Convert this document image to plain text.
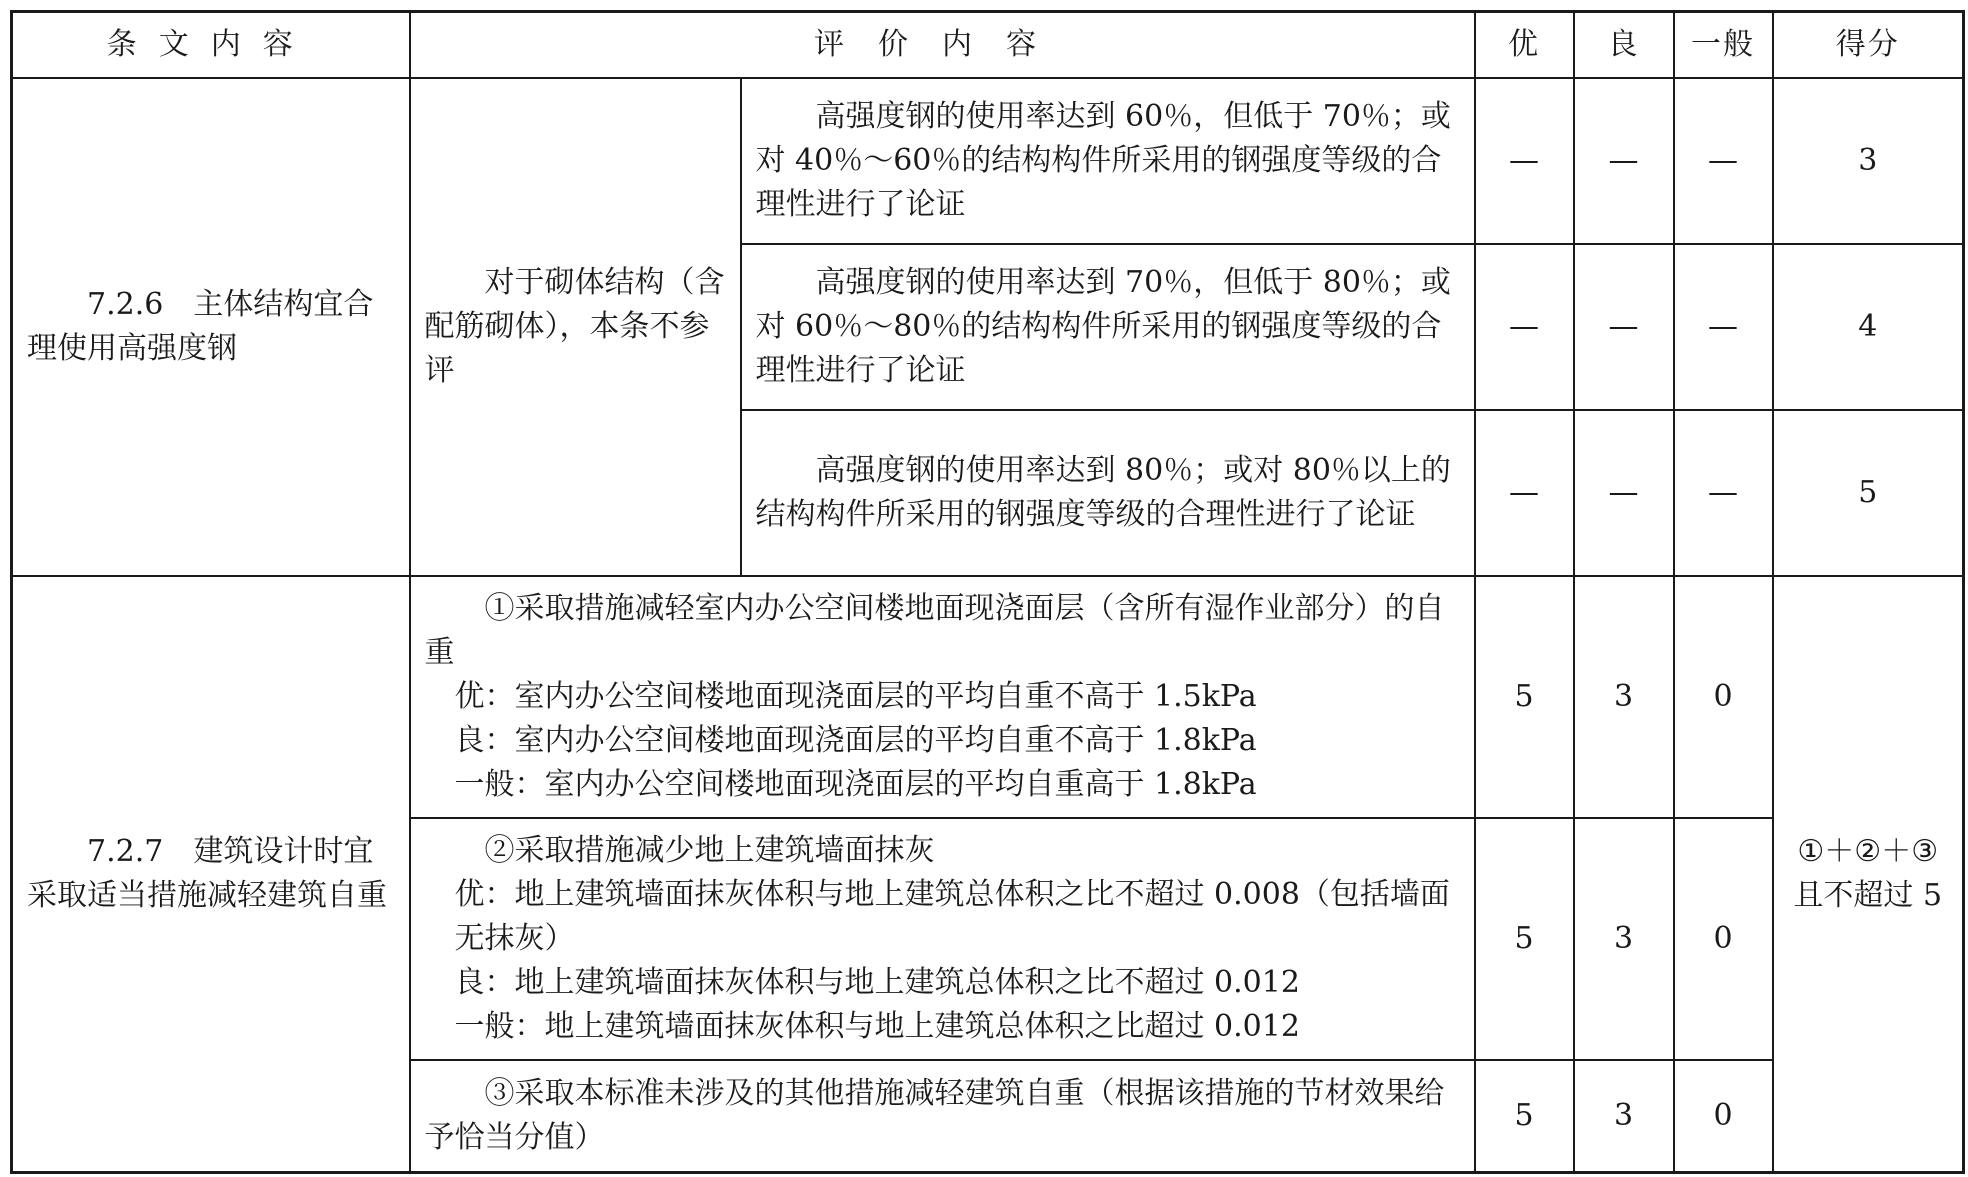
条文内容	评价内容		优	良	一般	得分
7.2.6　主体结构宜合理使用高强度钢	对于砌体结构（含配筋砌体），本条不参评	高强度钢的使用率达到 60％，但低于 70％；或对 40％～60％的结构构件所采用的钢强度等级的合理性进行了论证	—	—	—	3
		高强度钢的使用率达到 70％，但低于 80％；或对 60％～80％的结构构件所采用的钢强度等级的合理性进行了论证	—	—	—	4
		高强度钢的使用率达到 80％；或对 80％以上的结构构件所采用的钢强度等级的合理性进行了论证	—	—	—	5
7.2.7　建筑设计时宜采取适当措施减轻建筑自重	①采取措施减轻室内办公空间楼地面现浇面层（含所有湿作业部分）的自重
优：室内办公空间楼地面现浇面层的平均自重不高于 1.5kPa
良：室内办公空间楼地面现浇面层的平均自重不高于 1.8kPa
一般：室内办公空间楼地面现浇面层的平均自重高于 1.8kPa		5	3	0	①＋②＋③
且不超过 5

	②采取措施减少地上建筑墙面抹灰
优：地上建筑墙面抹灰体积与地上建筑总体积之比不超过 0.008（包括墙面无抹灰）
良：地上建筑墙面抹灰体积与地上建筑总体积之比不超过 0.012
一般：地上建筑墙面抹灰体积与地上建筑总体积之比超过 0.012		5	3	0	
	③采取本标准未涉及的其他措施减轻建筑自重（根据该措施的节材效果给予恰当分值）		5	3	0	
